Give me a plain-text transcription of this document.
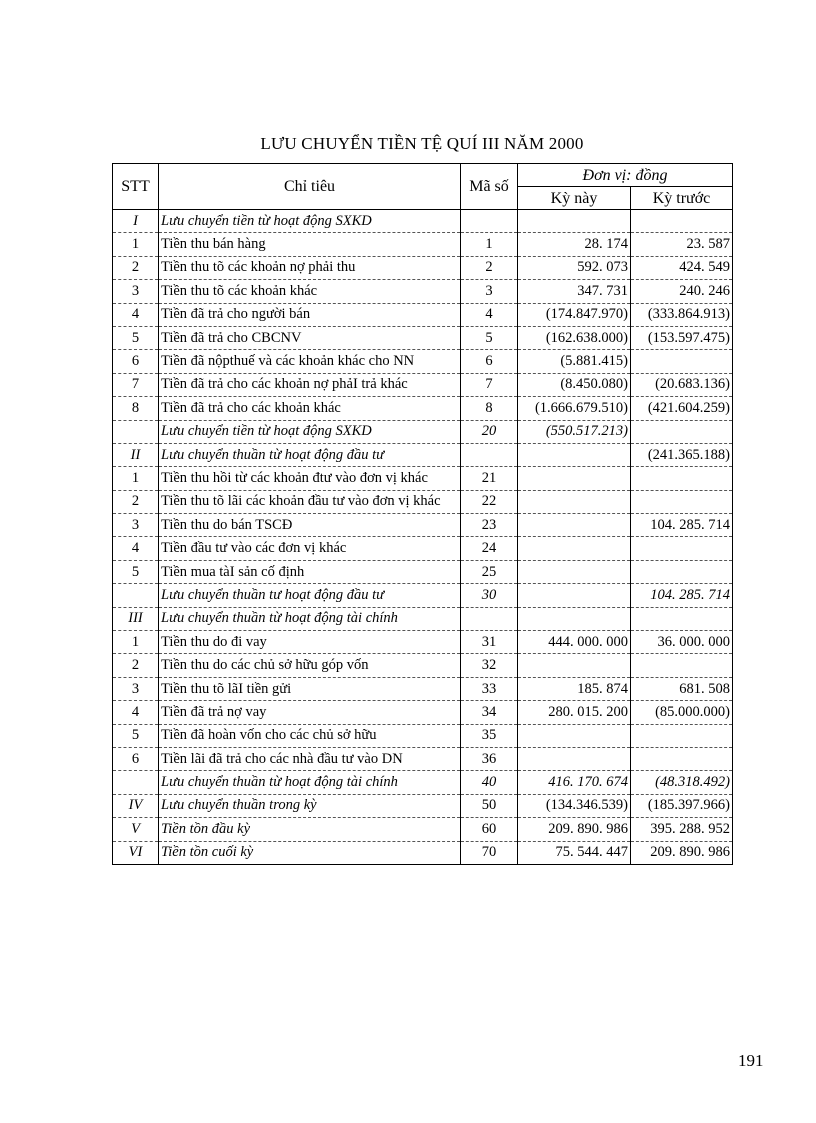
LƯU CHUYỂN TIỀN TỆ QUÍ III NĂM 2000
STT	Chỉ tiêu	Mã số	Đơn vị: đồng	
			Kỳ này	Kỳ trước
I	Lưu chuyển tiền từ hoạt động SXKD			
1	Tiền thu bán hàng	1	28. 174	23. 587
2	Tiền thu tõ các khoản nợ phải thu	2	592. 073	424. 549
3	Tiền thu tõ các khoản khác	3	347. 731	240. 246
4	Tiền đã trả cho người bán	4	(174.847.970)	(333.864.913)
5	Tiền đã trả cho CBCNV	5	(162.638.000)	(153.597.475)
6	Tiền đã nộpthuế và các khoản khác cho NN	6	(5.881.415)	
7	Tiền đã trả cho các khoản nợ phảI trả khác	7	(8.450.080)	(20.683.136)
8	Tiền đã trả cho các khoản khác	8	(1.666.679.510)	(421.604.259)
	Lưu chuyển tiền từ hoạt động SXKD	20	(550.517.213)	
II	Lưu chuyển thuần từ hoạt động đầu tư			(241.365.188)
1	Tiền thu hồi từ các khoản đtư vào đơn vị khác	21		
2	Tiền thu tõ lãi các khoản đầu tư vào đơn vị khác	22		
3	Tiền thu do bán TSCĐ	23		104. 285. 714
4	Tiền đầu tư vào các đơn vị khác	24		
5	Tiền mua tàI sản cố định	25		
	Lưu chuyển thuần tư hoạt động đầu tư	30		104. 285. 714
III	Lưu chuyển thuần từ hoạt động tài chính			
1	Tiền thu do đi vay	31	444. 000. 000	36. 000. 000
2	Tiền thu do các chủ sở hữu góp vốn	32		
3	Tiền thu tõ lãI tiền gửi	33	185. 874	681. 508
4	Tiền đã trả nợ vay	34	280. 015. 200	(85.000.000)
5	Tiền đã hoàn vốn cho các chủ sở hữu	35		
6	Tiền lãi đã trả cho các nhà đầu tư vào DN	36		
	Lưu chuyển thuần từ hoạt động tài chính	40	416. 170. 674	(48.318.492)
IV	Lưu chuyển thuần trong kỳ	50	(134.346.539)	(185.397.966)
V	Tiền tồn đầu kỳ	60	209. 890. 986	395. 288. 952
VI	Tiền tồn cuối kỳ	70	75. 544. 447	209. 890. 986
191
